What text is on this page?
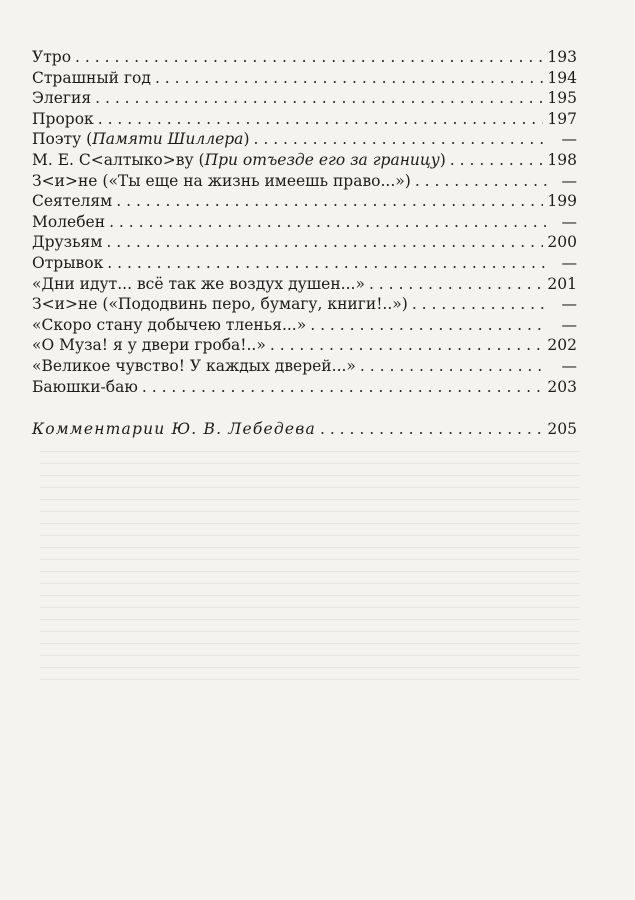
Утро . . .	193
Страшный год . . .	194
Элегия . . .	195
Пророк . . .	197
Поэту (Памяти Шиллера) . . .	—
М. Е. С<алтыко>ву (При отъезде его за границу) . . .	198
З<и>не («Ты еще на жизнь имеешь право...») . . .	—
Сеятелям . . .	199
Молебен . . .	—
Друзьям . . .	200
Отрывок . . .	—
«Дни идут... всё так же воздух душен...» . . .	201
З<и>не («Пододвинь перо, бумагу, книги!..») . . .	—
«Скоро стану добычею тленья...» . . .	—
«О Муза! я у двери гроба!..» . . .	202
«Великое чувство! У каждых дверей...» . . .	—
Баюшки-баю . . .	203
Комментарии Ю. В. Лебедева . . .	205
